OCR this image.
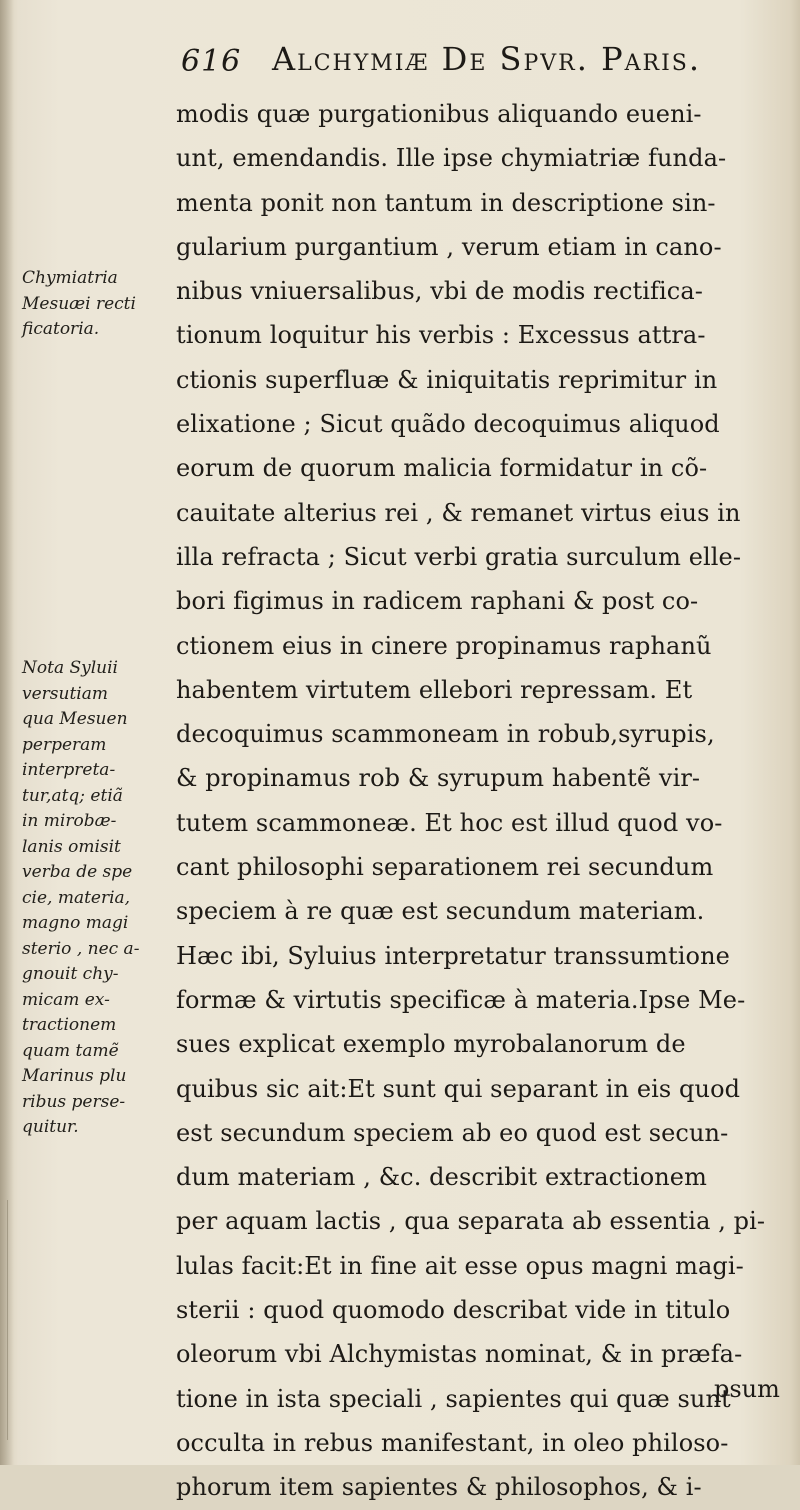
616 Alchymiæ De Spvr. Paris.
Chymiatria
Mesuæi recti
ficatoria.
Nota Syluii
versutiam
qua Mesuen
perperam
interpreta-
tur,atq; etiã
in mirobæ-
lanis omisit
verba de spe
cie, materia,
magno magi
sterio , nec a-
gnouit chy-
micam ex-
tractionem
quam tamẽ
Marinus plu
ribus perse-
quitur.
modis quæ purgationibus aliquando eueni-
unt, emendandis. Ille ipse chymiatriæ funda-
menta ponit non tantum in descriptione sin-
gularium purgantium , verum etiam in cano-
nibus vniuersalibus, vbi de modis rectifica-
tionum loquitur his verbis : Excessus attra-
ctionis superfluæ & iniquitatis reprimitur in
elixatione ; Sicut quãdo decoquimus aliquod
eorum de quorum malicia formidatur in cõ-
cauitate alterius rei , & remanet virtus eius in
illa refracta ; Sicut verbi gratia surculum elle-
bori figimus in radicem raphani & post co-
ctionem eius in cinere propinamus raphanũ
habentem virtutem ellebori repressam. Et
decoquimus scammoneam in robub,syrupis,
& propinamus rob & syrupum habentẽ vir-
tutem scammoneæ. Et hoc est illud quod vo-
cant philosophi separationem rei secundum
speciem à re quæ est secundum materiam.
Hæc ibi, Syluius interpretatur transsumtione
formæ & virtutis specificæ à materia.Ipse Me-
sues explicat exemplo myrobalanorum de
quibus sic ait:Et sunt qui separant in eis quod
est secundum speciem ab eo quod est secun-
dum materiam , &c. describit extractionem
per aquam lactis , qua separata ab essentia , pi-
lulas facit:Et in fine ait esse opus magni magi-
sterii : quod quomodo describat vide in titulo
oleorum vbi Alchymistas nominat, & in præfa-
tione in ista speciali , sapientes qui quæ sunt
occulta in rebus manifestant, in oleo philoso-
phorum item sapientes & philosophos, & i-
psum
